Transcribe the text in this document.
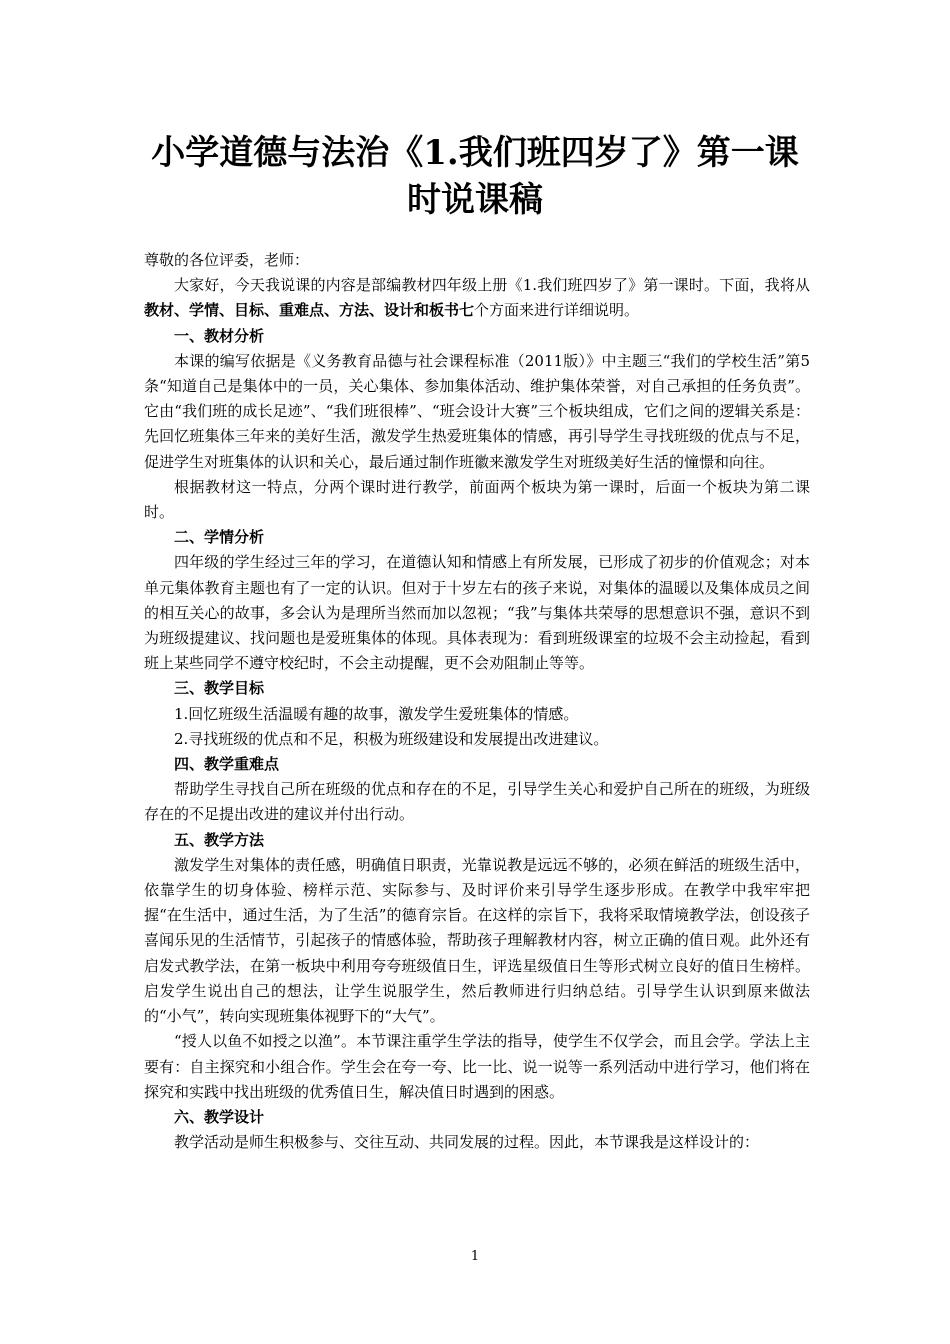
小学道德与法治《1.我们班四岁了》第一课
时说课稿

尊敬的各位评委，老师：

大家好，今天我说课的内容是部编教材四年级上册《1.我们班四岁了》第一课时。下面，我将从教材、学情、目标、重难点、方法、设计和板书七个方面来进行详细说明。

一、教材分析

本课的编写依据是《义务教育品德与社会课程标准（2011版）》中主题三“我们的学校生活”第5条“知道自己是集体中的一员，关心集体、参加集体活动、维护集体荣誉，对自己承担的任务负责”。它由“我们班的成长足迹”、“我们班很棒”、“班会设计大赛”三个板块组成，它们之间的逻辑关系是：先回忆班集体三年来的美好生活，激发学生热爱班集体的情感，再引导学生寻找班级的优点与不足，促进学生对班集体的认识和关心，最后通过制作班徽来激发学生对班级美好生活的憧憬和向往。

根据教材这一特点，分两个课时进行教学，前面两个板块为第一课时，后面一个板块为第二课时。

二、学情分析

四年级的学生经过三年的学习，在道德认知和情感上有所发展，已形成了初步的价值观念；对本单元集体教育主题也有了一定的认识。但对于十岁左右的孩子来说，对集体的温暖以及集体成员之间的相互关心的故事，多会认为是理所当然而加以忽视；“我”与集体共荣辱的思想意识不强，意识不到为班级提建议、找问题也是爱班集体的体现。具体表现为：看到班级课室的垃圾不会主动捡起，看到班上某些同学不遵守校纪时，不会主动提醒，更不会劝阻制止等等。

三、教学目标

1.回忆班级生活温暖有趣的故事，激发学生爱班集体的情感。

2.寻找班级的优点和不足，积极为班级建设和发展提出改进建议。

四、教学重难点

帮助学生寻找自己所在班级的优点和存在的不足，引导学生关心和爱护自己所在的班级，为班级存在的不足提出改进的建议并付出行动。

五、教学方法

激发学生对集体的责任感，明确值日职责，光靠说教是远远不够的，必须在鲜活的班级生活中，依靠学生的切身体验、榜样示范、实际参与、及时评价来引导学生逐步形成。在教学中我牢牢把握“在生活中，通过生活，为了生活”的德育宗旨。在这样的宗旨下，我将采取情境教学法，创设孩子喜闻乐见的生活情节，引起孩子的情感体验，帮助孩子理解教材内容，树立正确的值日观。此外还有启发式教学法，在第一板块中利用夸夸班级值日生，评选星级值日生等形式树立良好的值日生榜样。启发学生说出自己的想法，让学生说服学生，然后教师进行归纳总结。引导学生认识到原来做法的“小气”，转向实现班集体视野下的“大气”。

“授人以鱼不如授之以渔”。本节课注重学生学法的指导，使学生不仅学会，而且会学。学法上主要有：自主探究和小组合作。学生会在夸一夸、比一比、说一说等一系列活动中进行学习，他们将在探究和实践中找出班级的优秀值日生，解决值日时遇到的困惑。

六、教学设计

教学活动是师生积极参与、交往互动、共同发展的过程。因此，本节课我是这样设计的：

1
